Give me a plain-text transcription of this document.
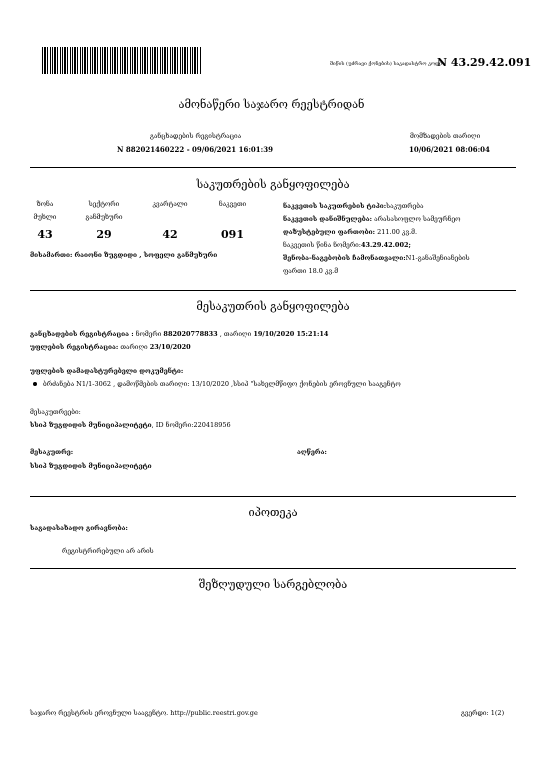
მიწის (უძრავი ქონების) საკადასტრო კოდი
N 43.29.42.091
ამონაწერი საჯარო რეესტრიდან
განცხადების რეგისტრაცია
N 882021460222 - 09/06/2021 16:01:39
მომზადების თარიღი
10/06/2021 08:06:04
საკუთრების განყოფილება
ზონა	სექტორი	კვარტალი	ნაკვეთი
მუხლი	განმუხური
43	29	42	091
მისამართი: რაიონი ზუგდიდი , სოფელი განმუხური
ნაკვეთის საკუთრების ტიპი:საკუთრება
ნაკვეთის დანიშნულება: არასასოფლო სამეურნეო
დაზუსტებული ფართობი: 211.00 კვ.მ.
ნაკვეთის წინა ნომერი:43.29.42.002;
შენობა-ნაგებობის ჩამონათვალი:N1-განაშენიანების
ფართი 18.0 კვ.მ
მესაკუთრის განყოფილება
განცხადების რეგისტრაცია : ნომერი 882020778833 , თარიღი 19/10/2020 15:21:14
უფლების რეგისტრაცია: თარიღი 23/10/2020
უფლების დამადასტურებელი დოკუმენტი:
ბრძანება N1/1-3062 , დამოწმების თარიღი: 13/10/2020 ,სსიპ "სახელმწიფო ქონების ეროვნული სააგენტო
მესაკუთრეები:
სსიპ ზუგდიდის მუნიციპალიტეტი, ID ნომერი:220418956
მესაკუთრე:
სსიპ ზუგდიდის მუნიციპალიტეტი
აღწერა:
იპოთეკა
საგადასახადო გირავნობა:
რეგისტრირებული არ არის
შეზღუდული სარგებლობა
საჯარო რეესტრის ეროვნული სააგენტო. http://public.reestri.gov.ge	გვერდი: 1(2)
